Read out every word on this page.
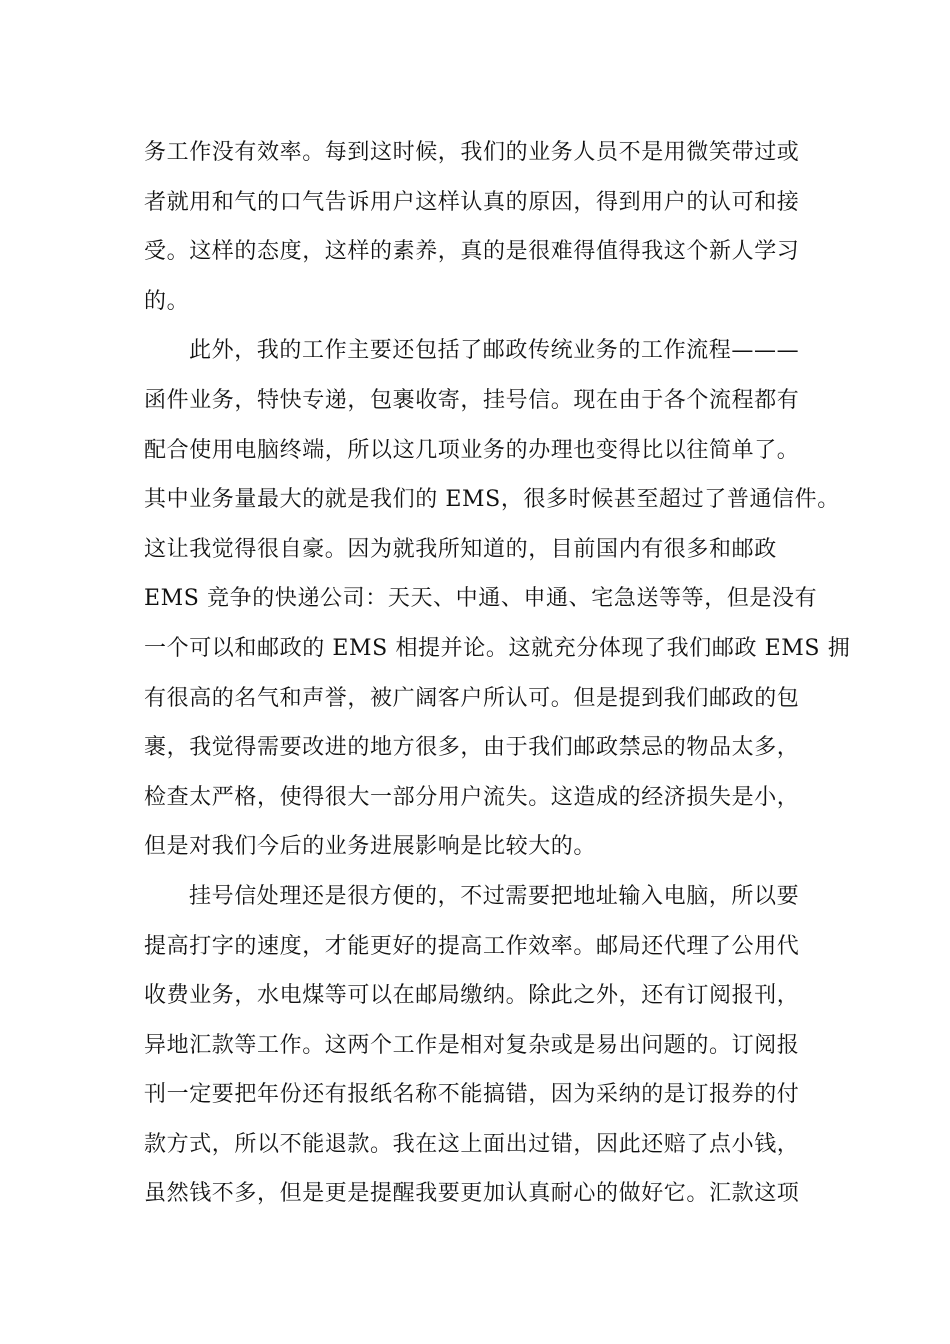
务工作没有效率。每到这时候，我们的业务人员不是用微笑带过或
者就用和气的口气告诉用户这样认真的原因，得到用户的认可和接
受。这样的态度，这样的素养，真的是很难得值得我这个新人学习
的。
此外，我的工作主要还包括了邮政传统业务的工作流程———
函件业务，特快专递，包裹收寄，挂号信。现在由于各个流程都有
配合使用电脑终端，所以这几项业务的办理也变得比以往简单了。
其中业务量最大的就是我们的 EMS，很多时候甚至超过了普通信件。
这让我觉得很自豪。因为就我所知道的，目前国内有很多和邮政
EMS 竞争的快递公司：天天、中通、申通、宅急送等等，但是没有
一个可以和邮政的 EMS 相提并论。这就充分体现了我们邮政 EMS 拥
有很高的名气和声誉，被广阔客户所认可。但是提到我们邮政的包
裹，我觉得需要改进的地方很多，由于我们邮政禁忌的物品太多，
检查太严格，使得很大一部分用户流失。这造成的经济损失是小，
但是对我们今后的业务进展影响是比较大的。
挂号信处理还是很方便的，不过需要把地址输入电脑，所以要
提高打字的速度，才能更好的提高工作效率。邮局还代理了公用代
收费业务，水电煤等可以在邮局缴纳。除此之外，还有订阅报刊，
异地汇款等工作。这两个工作是相对复杂或是易出问题的。订阅报
刊一定要把年份还有报纸名称不能搞错，因为采纳的是订报券的付
款方式，所以不能退款。我在这上面出过错，因此还赔了点小钱，
虽然钱不多，但是更是提醒我要更加认真耐心的做好它。汇款这项
